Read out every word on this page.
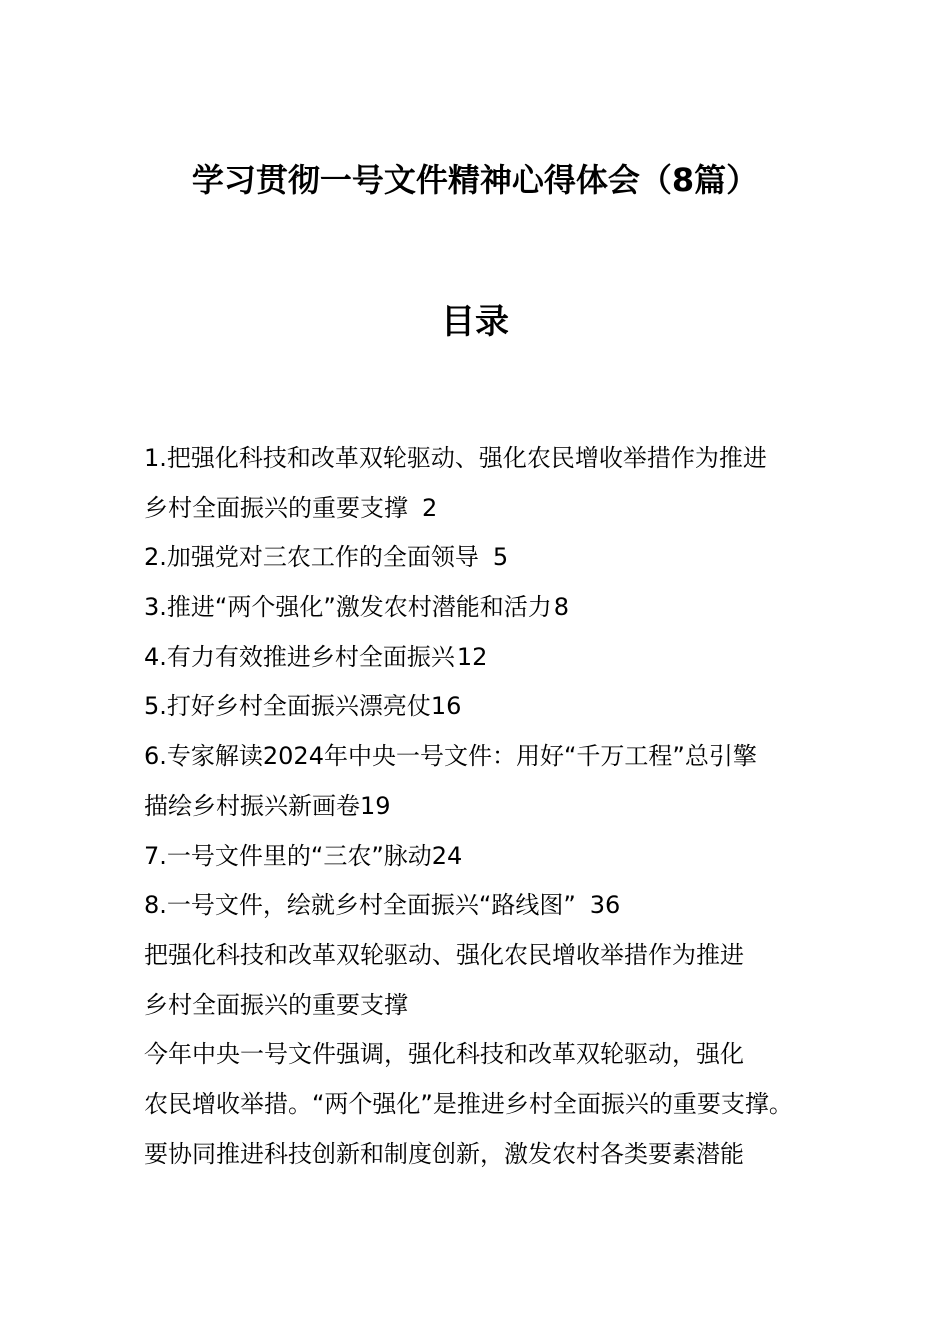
学习贯彻一号文件精神心得体会（8篇）
目录
1.把强化科技和改革双轮驱动、强化农民增收举措作为推进
乡村全面振兴的重要支撑 2
2.加强党对三农工作的全面领导 5
3.推进“两个强化”激发农村潜能和活力8
4.有力有效推进乡村全面振兴12
5.打好乡村全面振兴漂亮仗16
6.专家解读2024年中央一号文件：用好“千万工程”总引擎
描绘乡村振兴新画卷19
7.一号文件里的“三农”脉动24
8.一号文件，绘就乡村全面振兴“路线图” 36
把强化科技和改革双轮驱动、强化农民增收举措作为推进
乡村全面振兴的重要支撑
今年中央一号文件强调，强化科技和改革双轮驱动，强化
农民增收举措。“两个强化”是推进乡村全面振兴的重要支撑。
要协同推进科技创新和制度创新，激发农村各类要素潜能
